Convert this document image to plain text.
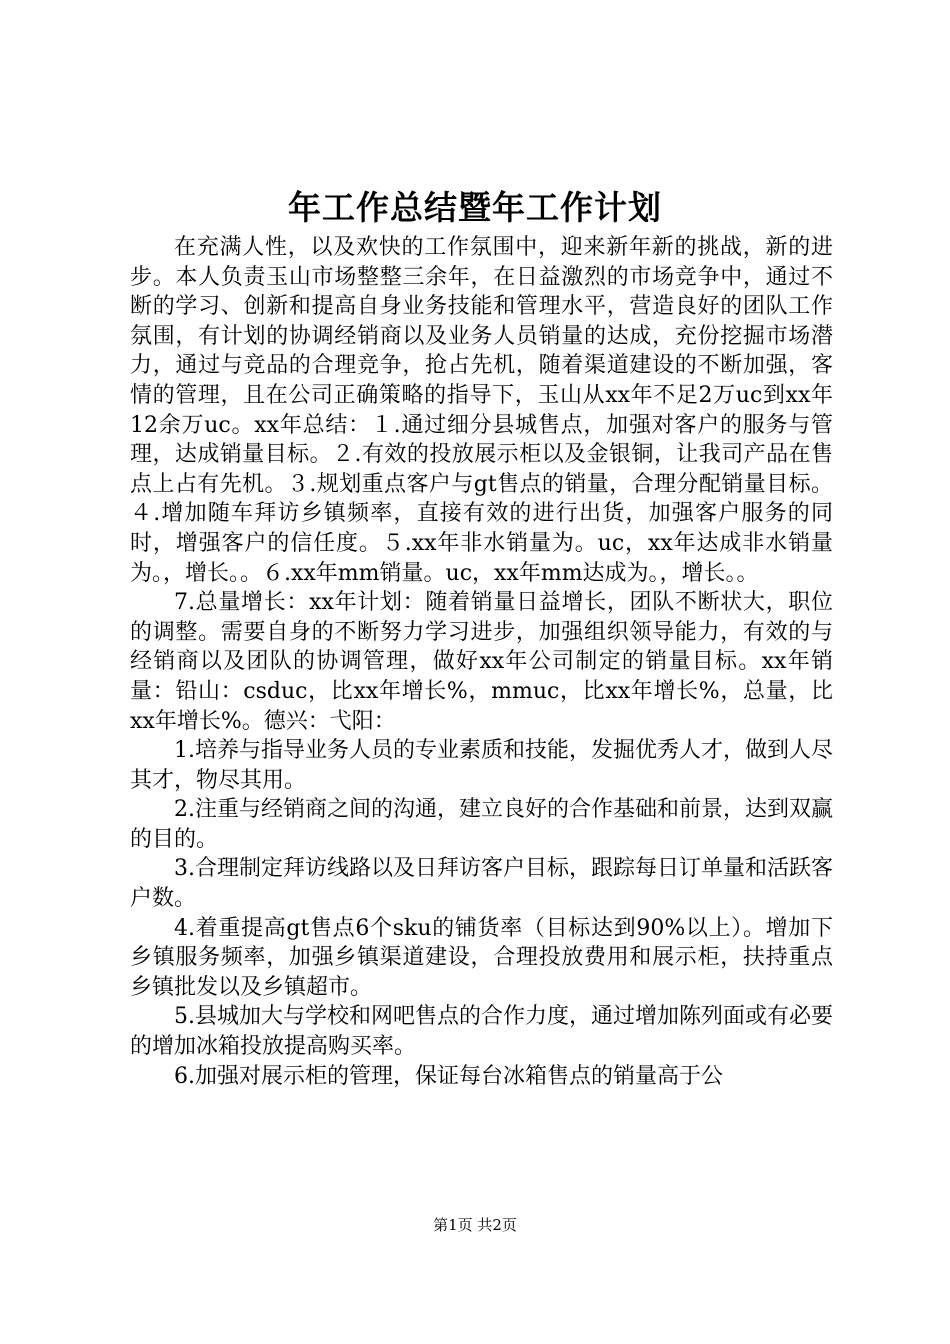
年工作总结暨年工作计划

在充满人性，以及欢快的工作氛围中，迎来新年新的挑战，新的进步。本人负责玉山市场整整三余年，在日益激烈的市场竞争中，通过不断的学习、创新和提高自身业务技能和管理水平，营造良好的团队工作氛围，有计划的协调经销商以及业务人员销量的达成，充份挖掘市场潜力，通过与竞品的合理竞争，抢占先机，随着渠道建设的不断加强，客情的管理，且在公司正确策略的指导下，玉山从xx年不足2万uc到xx年12余万uc。xx年总结：１.通过细分县城售点，加强对客户的服务与管理，达成销量目标。２.有效的投放展示柜以及金银铜，让我司产品在售点上占有先机。３.规划重点客户与gt售点的销量，合理分配销量目标。４.增加随车拜访乡镇频率，直接有效的进行出货，加强客户服务的同时，增强客户的信任度。５.xx年非水销量为。uc，xx年达成非水销量为。，增长。。６.xx年mm销量。uc，xx年mm达成为。，增长。。

7.总量增长：xx年计划：随着销量日益增长，团队不断状大，职位的调整。需要自身的不断努力学习进步，加强组织领导能力，有效的与经销商以及团队的协调管理，做好xx年公司制定的销量目标。xx年销量：铅山：csduc，比xx年增长%，mmuc，比xx年增长%，总量，比xx年增长%。德兴：弋阳：

1.培养与指导业务人员的专业素质和技能，发掘优秀人才，做到人尽其才，物尽其用。

2.注重与经销商之间的沟通，建立良好的合作基础和前景，达到双赢的目的。

3.合理制定拜访线路以及日拜访客户目标，跟踪每日订单量和活跃客户数。

4.着重提高gt售点6个sku的铺货率（目标达到90%以上）。增加下乡镇服务频率，加强乡镇渠道建设，合理投放费用和展示柜，扶持重点乡镇批发以及乡镇超市。

5.县城加大与学校和网吧售点的合作力度，通过增加陈列面或有必要的增加冰箱投放提高购买率。

6.加强对展示柜的管理，保证每台冰箱售点的销量高于公

第1页 共2页
